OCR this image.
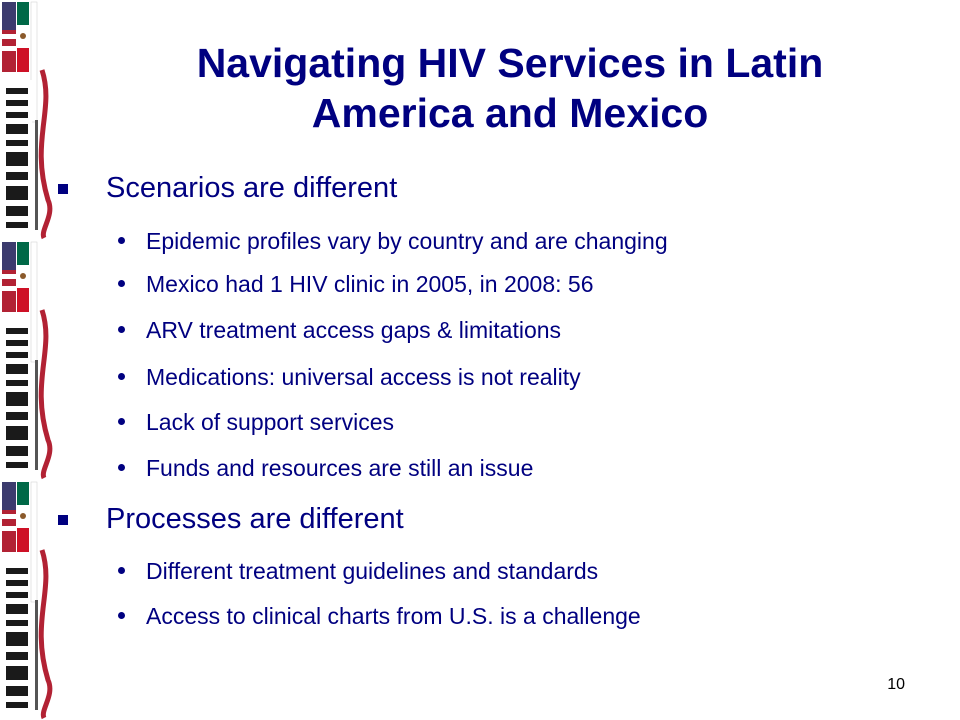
Navigating HIV Services in Latin
America and Mexico
Scenarios are different
Epidemic profiles vary by country and are changing
Mexico had 1 HIV clinic in 2005, in 2008: 56
ARV treatment access gaps & limitations
Medications: universal access is not reality
Lack of support services
Funds and resources are still an issue
Processes are different
Different treatment guidelines and standards
Access to clinical charts from U.S. is a challenge
10
